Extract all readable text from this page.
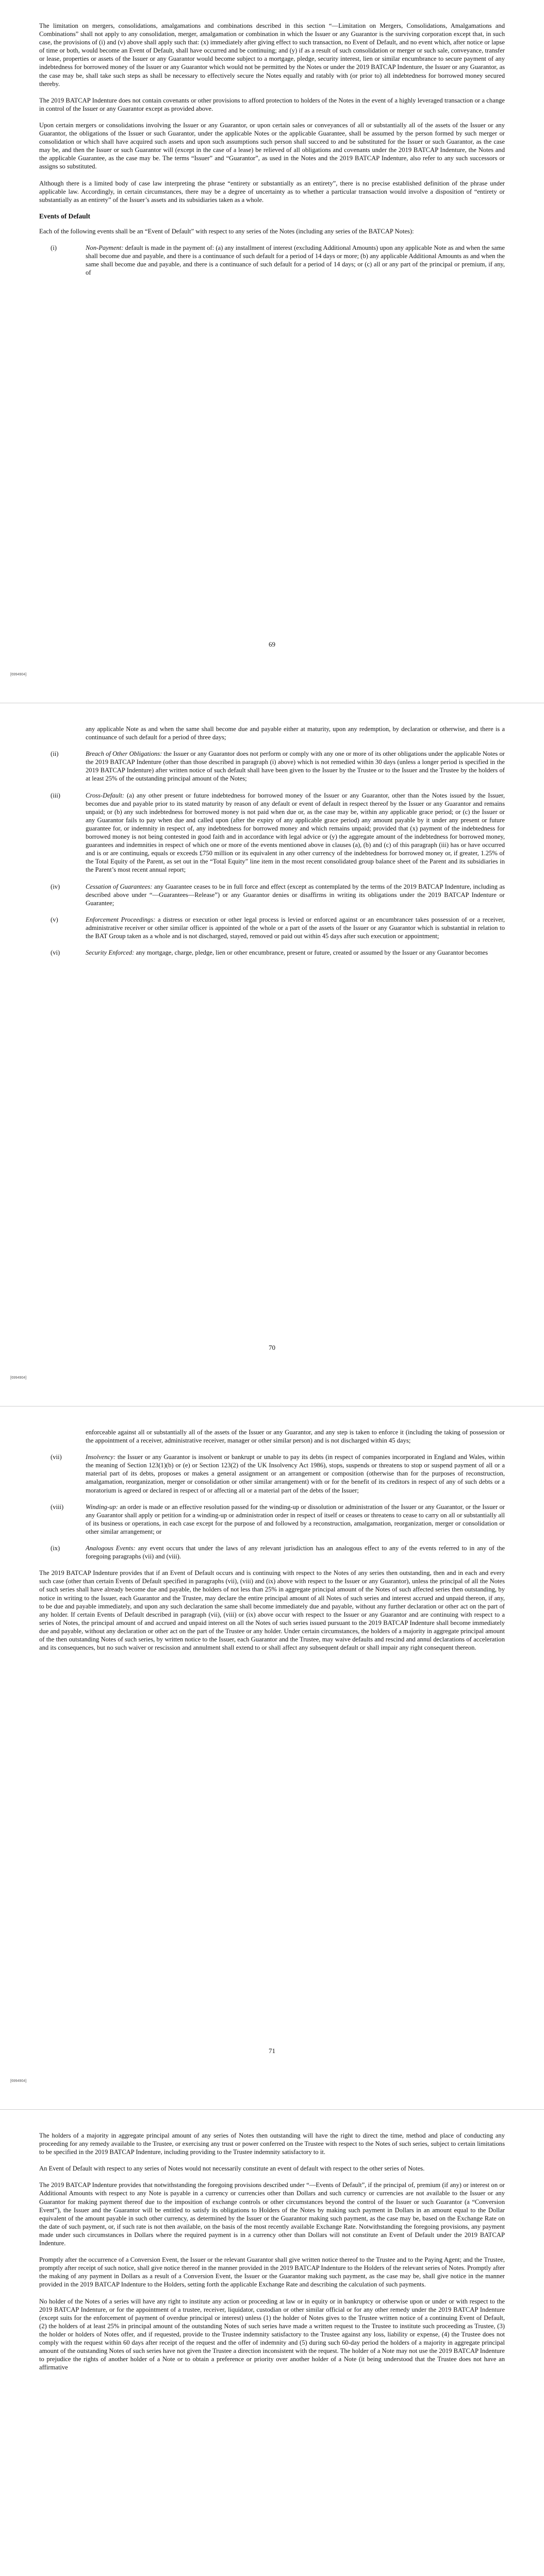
The limitation on mergers, consolidations, amalgamations and combinations described in this section “—Limitation on Mergers, Consolidations, Amalgamations and Combinations” shall not apply to any consolidation, merger, amalgamation or combination in which the Issuer or any Guarantor is the surviving corporation except that, in such case, the provisions of (i) and (v) above shall apply such that: (x) immediately after giving effect to such transaction, no Event of Default, and no event which, after notice or lapse of time or both, would become an Event of Default, shall have occurred and be continuing; and (y) if as a result of such consolidation or merger or such sale, conveyance, transfer or lease, properties or assets of the Issuer or any Guarantor would become subject to a mortgage, pledge, security interest, lien or similar encumbrance to secure payment of any indebtedness for borrowed money of the Issuer or any Guarantor which would not be permitted by the Notes or under the 2019 BATCAP Indenture, the Issuer or any Guarantor, as the case may be, shall take such steps as shall be necessary to effectively secure the Notes equally and ratably with (or prior to) all indebtedness for borrowed money secured thereby.

The 2019 BATCAP Indenture does not contain covenants or other provisions to afford protection to holders of the Notes in the event of a highly leveraged transaction or a change in control of the Issuer or any Guarantor except as provided above.

Upon certain mergers or consolidations involving the Issuer or any Guarantor, or upon certain sales or conveyances of all or substantially all of the assets of the Issuer or any Guarantor, the obligations of the Issuer or such Guarantor, under the applicable Notes or the applicable Guarantee, shall be assumed by the person formed by such merger or consolidation or which shall have acquired such assets and upon such assumptions such person shall succeed to and be substituted for the Issuer or such Guarantor, as the case may be, and then the Issuer or such Guarantor will (except in the case of a lease) be relieved of all obligations and covenants under the 2019 BATCAP Indenture, the Notes and the applicable Guarantee, as the case may be. The terms “Issuer” and “Guarantor”, as used in the Notes and the 2019 BATCAP Indenture, also refer to any such successors or assigns so substituted.

Although there is a limited body of case law interpreting the phrase “entirety or substantially as an entirety”, there is no precise established definition of the phrase under applicable law. Accordingly, in certain circumstances, there may be a degree of uncertainty as to whether a particular transaction would involve a disposition of “entirety or substantially as an entirety” of the Issuer’s assets and its subsidiaries taken as a whole.

Events of Default

Each of the following events shall be an “Event of Default” with respect to any series of the Notes (including any series of the BATCAP Notes):

(i)	Non-Payment: default is made in the payment of: (a) any installment of interest (excluding Additional Amounts) upon any applicable Note as and when the same shall become due and payable, and there is a continuance of such default for a period of 14 days or more; (b) any applicable Additional Amounts as and when the same shall become due and payable, and there is a continuance of such default for a period of 14 days; or (c) all or any part of the principal or premium, if any, of
69
[6994904]
any applicable Note as and when the same shall become due and payable either at maturity, upon any redemption, by declaration or otherwise, and there is a continuance of such default for a period of three days;
(ii)	Breach of Other Obligations: the Issuer or any Guarantor does not perform or comply with any one or more of its other obligations under the applicable Notes or the 2019 BATCAP Indenture (other than those described in paragraph (i) above) which is not remedied within 30 days (unless a longer period is specified in the 2019 BATCAP Indenture) after written notice of such default shall have been given to the Issuer by the Trustee or to the Issuer and the Trustee by the holders of at least 25% of the outstanding principal amount of the Notes;
(iii)	Cross-Default: (a) any other present or future indebtedness for borrowed money of the Issuer or any Guarantor, other than the Notes issued by the Issuer, becomes due and payable prior to its stated maturity by reason of any default or event of default in respect thereof by the Issuer or any Guarantor and remains unpaid; or (b) any such indebtedness for borrowed money is not paid when due or, as the case may be, within any applicable grace period; or (c) the Issuer or any Guarantor fails to pay when due and called upon (after the expiry of any applicable grace period) any amount payable by it under any present or future guarantee for, or indemnity in respect of, any indebtedness for borrowed money and which remains unpaid; provided that (x) payment of the indebtedness for borrowed money is not being contested in good faith and in accordance with legal advice or (y) the aggregate amount of the indebtedness for borrowed money, guarantees and indemnities in respect of which one or more of the events mentioned above in clauses (a), (b) and (c) of this paragraph (iii) has or have occurred and is or are continuing, equals or exceeds £750 million or its equivalent in any other currency of the indebtedness for borrowed money or, if greater, 1.25% of the Total Equity of the Parent, as set out in the “Total Equity” line item in the most recent consolidated group balance sheet of the Parent and its subsidiaries in the Parent’s most recent annual report;
(iv)	Cessation of Guarantees: any Guarantee ceases to be in full force and effect (except as contemplated by the terms of the 2019 BATCAP Indenture, including as described above under “—Guarantees—Release”) or any Guarantor denies or disaffirms in writing its obligations under the 2019 BATCAP Indenture or Guarantee;
(v)	Enforcement Proceedings: a distress or execution or other legal process is levied or enforced against or an encumbrancer takes possession of or a receiver, administrative receiver or other similar officer is appointed of the whole or a part of the assets of the Issuer or any Guarantor which is substantial in relation to the BAT Group taken as a whole and is not discharged, stayed, removed or paid out within 45 days after such execution or appointment;
(vi)	Security Enforced: any mortgage, charge, pledge, lien or other encumbrance, present or future, created or assumed by the Issuer or any Guarantor becomes
70
[6994904]
enforceable against all or substantially all of the assets of the Issuer or any Guarantor, and any step is taken to enforce it (including the taking of possession or the appointment of a receiver, administrative receiver, manager or other similar person) and is not discharged within 45 days;
(vii)	Insolvency: the Issuer or any Guarantor is insolvent or bankrupt or unable to pay its debts (in respect of companies incorporated in England and Wales, within the meaning of Section 123(1)(b) or (e) or Section 123(2) of the UK Insolvency Act 1986), stops, suspends or threatens to stop or suspend payment of all or a material part of its debts, proposes or makes a general assignment or an arrangement or composition (otherwise than for the purposes of reconstruction, amalgamation, reorganization, merger or consolidation or other similar arrangement) with or for the benefit of its creditors in respect of any of such debts or a moratorium is agreed or declared in respect of or affecting all or a material part of the debts of the Issuer;
(viii)	Winding-up: an order is made or an effective resolution passed for the winding-up or dissolution or administration of the Issuer or any Guarantor, or the Issuer or any Guarantor shall apply or petition for a winding-up or administration order in respect of itself or ceases or threatens to cease to carry on all or substantially all of its business or operations, in each case except for the purpose of and followed by a reconstruction, amalgamation, reorganization, merger or consolidation or other similar arrangement; or
(ix)	Analogous Events: any event occurs that under the laws of any relevant jurisdiction has an analogous effect to any of the events referred to in any of the foregoing paragraphs (vii) and (viii).

The 2019 BATCAP Indenture provides that if an Event of Default occurs and is continuing with respect to the Notes of any series then outstanding, then and in each and every such case (other than certain Events of Default specified in paragraphs (vii), (viii) and (ix) above with respect to the Issuer or any Guarantor), unless the principal of all the Notes of such series shall have already become due and payable, the holders of not less than 25% in aggregate principal amount of the Notes of such affected series then outstanding, by notice in writing to the Issuer, each Guarantor and the Trustee, may declare the entire principal amount of all Notes of such series and interest accrued and unpaid thereon, if any, to be due and payable immediately, and upon any such declaration the same shall become immediately due and payable, without any further declaration or other act on the part of any holder. If certain Events of Default described in paragraph (vii), (viii) or (ix) above occur with respect to the Issuer or any Guarantor and are continuing with respect to a series of Notes, the principal amount of and accrued and unpaid interest on all the Notes of such series issued pursuant to the 2019 BATCAP Indenture shall become immediately due and payable, without any declaration or other act on the part of the Trustee or any holder. Under certain circumstances, the holders of a majority in aggregate principal amount of the then outstanding Notes of such series, by written notice to the Issuer, each Guarantor and the Trustee, may waive defaults and rescind and annul declarations of acceleration and its consequences, but no such waiver or rescission and annulment shall extend to or shall affect any subsequent default or shall impair any right consequent thereon.

71
[6994904]

The holders of a majority in aggregate principal amount of any series of Notes then outstanding will have the right to direct the time, method and place of conducting any proceeding for any remedy available to the Trustee, or exercising any trust or power conferred on the Trustee with respect to the Notes of such series, subject to certain limitations to be specified in the 2019 BATCAP Indenture, including providing to the Trustee indemnity satisfactory to it.

An Event of Default with respect to any series of Notes would not necessarily constitute an event of default with respect to the other series of Notes.

The 2019 BATCAP Indenture provides that notwithstanding the foregoing provisions described under “—Events of Default”, if the principal of, premium (if any) or interest on or Additional Amounts with respect to any Note is payable in a currency or currencies other than Dollars and such currency or currencies are not available to the Issuer or any Guarantor for making payment thereof due to the imposition of exchange controls or other circumstances beyond the control of the Issuer or such Guarantor (a “Conversion Event”), the Issuer and the Guarantor will be entitled to satisfy its obligations to Holders of the Notes by making such payment in Dollars in an amount equal to the Dollar equivalent of the amount payable in such other currency, as determined by the Issuer or the Guarantor making such payment, as the case may be, based on the Exchange Rate on the date of such payment, or, if such rate is not then available, on the basis of the most recently available Exchange Rate. Notwithstanding the foregoing provisions, any payment made under such circumstances in Dollars where the required payment is in a currency other than Dollars will not constitute an Event of Default under the 2019 BATCAP Indenture.

Promptly after the occurrence of a Conversion Event, the Issuer or the relevant Guarantor shall give written notice thereof to the Trustee and to the Paying Agent; and the Trustee, promptly after receipt of such notice, shall give notice thereof in the manner provided in the 2019 BATCAP Indenture to the Holders of the relevant series of Notes. Promptly after the making of any payment in Dollars as a result of a Conversion Event, the Issuer or the Guarantor making such payment, as the case may be, shall give notice in the manner provided in the 2019 BATCAP Indenture to the Holders, setting forth the applicable Exchange Rate and describing the calculation of such payments.

No holder of the Notes of a series will have any right to institute any action or proceeding at law or in equity or in bankruptcy or otherwise upon or under or with respect to the 2019 BATCAP Indenture, or for the appointment of a trustee, receiver, liquidator, custodian or other similar official or for any other remedy under the 2019 BATCAP Indenture (except suits for the enforcement of payment of overdue principal or interest) unless (1) the holder of Notes gives to the Trustee written notice of a continuing Event of Default, (2) the holders of at least 25% in principal amount of the outstanding Notes of such series have made a written request to the Trustee to institute such proceeding as Trustee, (3) the holder or holders of Notes offer, and if requested, provide to the Trustee indemnity satisfactory to the Trustee against any loss, liability or expense, (4) the Trustee does not comply with the request within 60 days after receipt of the request and the offer of indemnity and (5) during such 60-day period the holders of a majority in aggregate principal amount of the outstanding Notes of such series have not given the Trustee a direction inconsistent with the request. The holder of a Note may not use the 2019 BATCAP Indenture to prejudice the rights of another holder of a Note or to obtain a preference or priority over another holder of a Note (it being understood that the Trustee does not have an affirmative
